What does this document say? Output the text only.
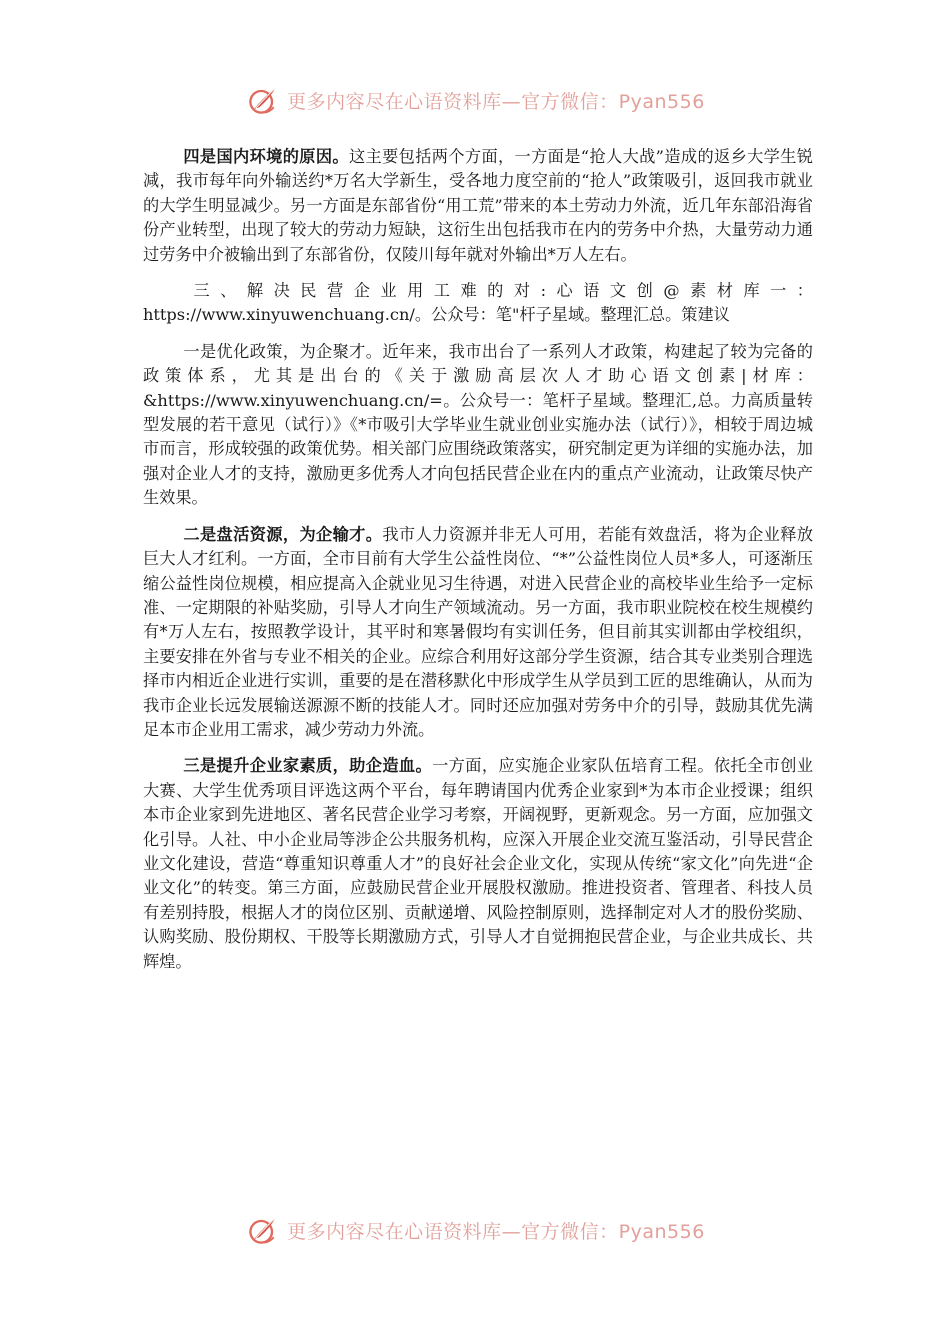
更多内容尽在心语资料库—官方微信：Pyan556

四是国内环境的原因。这主要包括两个方面，一方面是“抢人大战”造成的返乡大学生锐减，我市每年向外输送约*万名大学新生，受各地力度空前的“抢人”政策吸引，返回我市就业的大学生明显减少。另一方面是东部省份“用工荒”带来的本土劳动力外流，近几年东部沿海省份产业转型，出现了较大的劳动力短缺，这衍生出包括我市在内的劳务中介热，大量劳动力通过劳务中介被输出到了东部省份，仅陵川每年就对外输出*万人左右。

三、解决民营企业用工难的对:心语文创@素材库一：https://www.xinyuwenchuang.cn/。公众号：笔"杆子星域。整理汇总。策建议

一是优化政策，为企聚才。近年来，我市出台了一系列人才政策，构建起了较为完备的政策体系，尤其是出台的《关于激励高层次人才助心语文创素|材库：&https://www.xinyuwenchuang.cn/=。公众号一：笔杆子星域。整理汇,总。力高质量转型发展的若干意见（试行）》《*市吸引大学毕业生就业创业实施办法（试行）》，相较于周边城市而言，形成较强的政策优势。相关部门应围绕政策落实，研究制定更为详细的实施办法，加强对企业人才的支持，激励更多优秀人才向包括民营企业在内的重点产业流动，让政策尽快产生效果。

二是盘活资源，为企输才。我市人力资源并非无人可用，若能有效盘活，将为企业释放巨大人才红利。一方面，全市目前有大学生公益性岗位、“*”公益性岗位人员*多人，可逐渐压缩公益性岗位规模，相应提高入企就业见习生待遇，对进入民营企业的高校毕业生给予一定标准、一定期限的补贴奖励，引导人才向生产领域流动。另一方面，我市职业院校在校生规模约有*万人左右，按照教学设计，其平时和寒暑假均有实训任务，但目前其实训都由学校组织，主要安排在外省与专业不相关的企业。应综合利用好这部分学生资源，结合其专业类别合理选择市内相近企业进行实训，重要的是在潜移默化中形成学生从学员到工匠的思维确认，从而为我市企业长远发展输送源源不断的技能人才。同时还应加强对劳务中介的引导，鼓励其优先满足本市企业用工需求，减少劳动力外流。

三是提升企业家素质，助企造血。一方面，应实施企业家队伍培育工程。依托全市创业大赛、大学生优秀项目评选这两个平台，每年聘请国内优秀企业家到*为本市企业授课；组织本市企业家到先进地区、著名民营企业学习考察，开阔视野，更新观念。另一方面，应加强文化引导。人社、中小企业局等涉企公共服务机构，应深入开展企业交流互鉴活动，引导民营企业文化建设，营造“尊重知识尊重人才”的良好社会企业文化，实现从传统“家文化”向先进“企业文化”的转变。第三方面，应鼓励民营企业开展股权激励。推进投资者、管理者、科技人员有差别持股，根据人才的岗位区别、贡献递增、风险控制原则，选择制定对人才的股份奖励、认购奖励、股份期权、干股等长期激励方式，引导人才自觉拥抱民营企业，与企业共成长、共辉煌。

更多内容尽在心语资料库—官方微信：Pyan556
